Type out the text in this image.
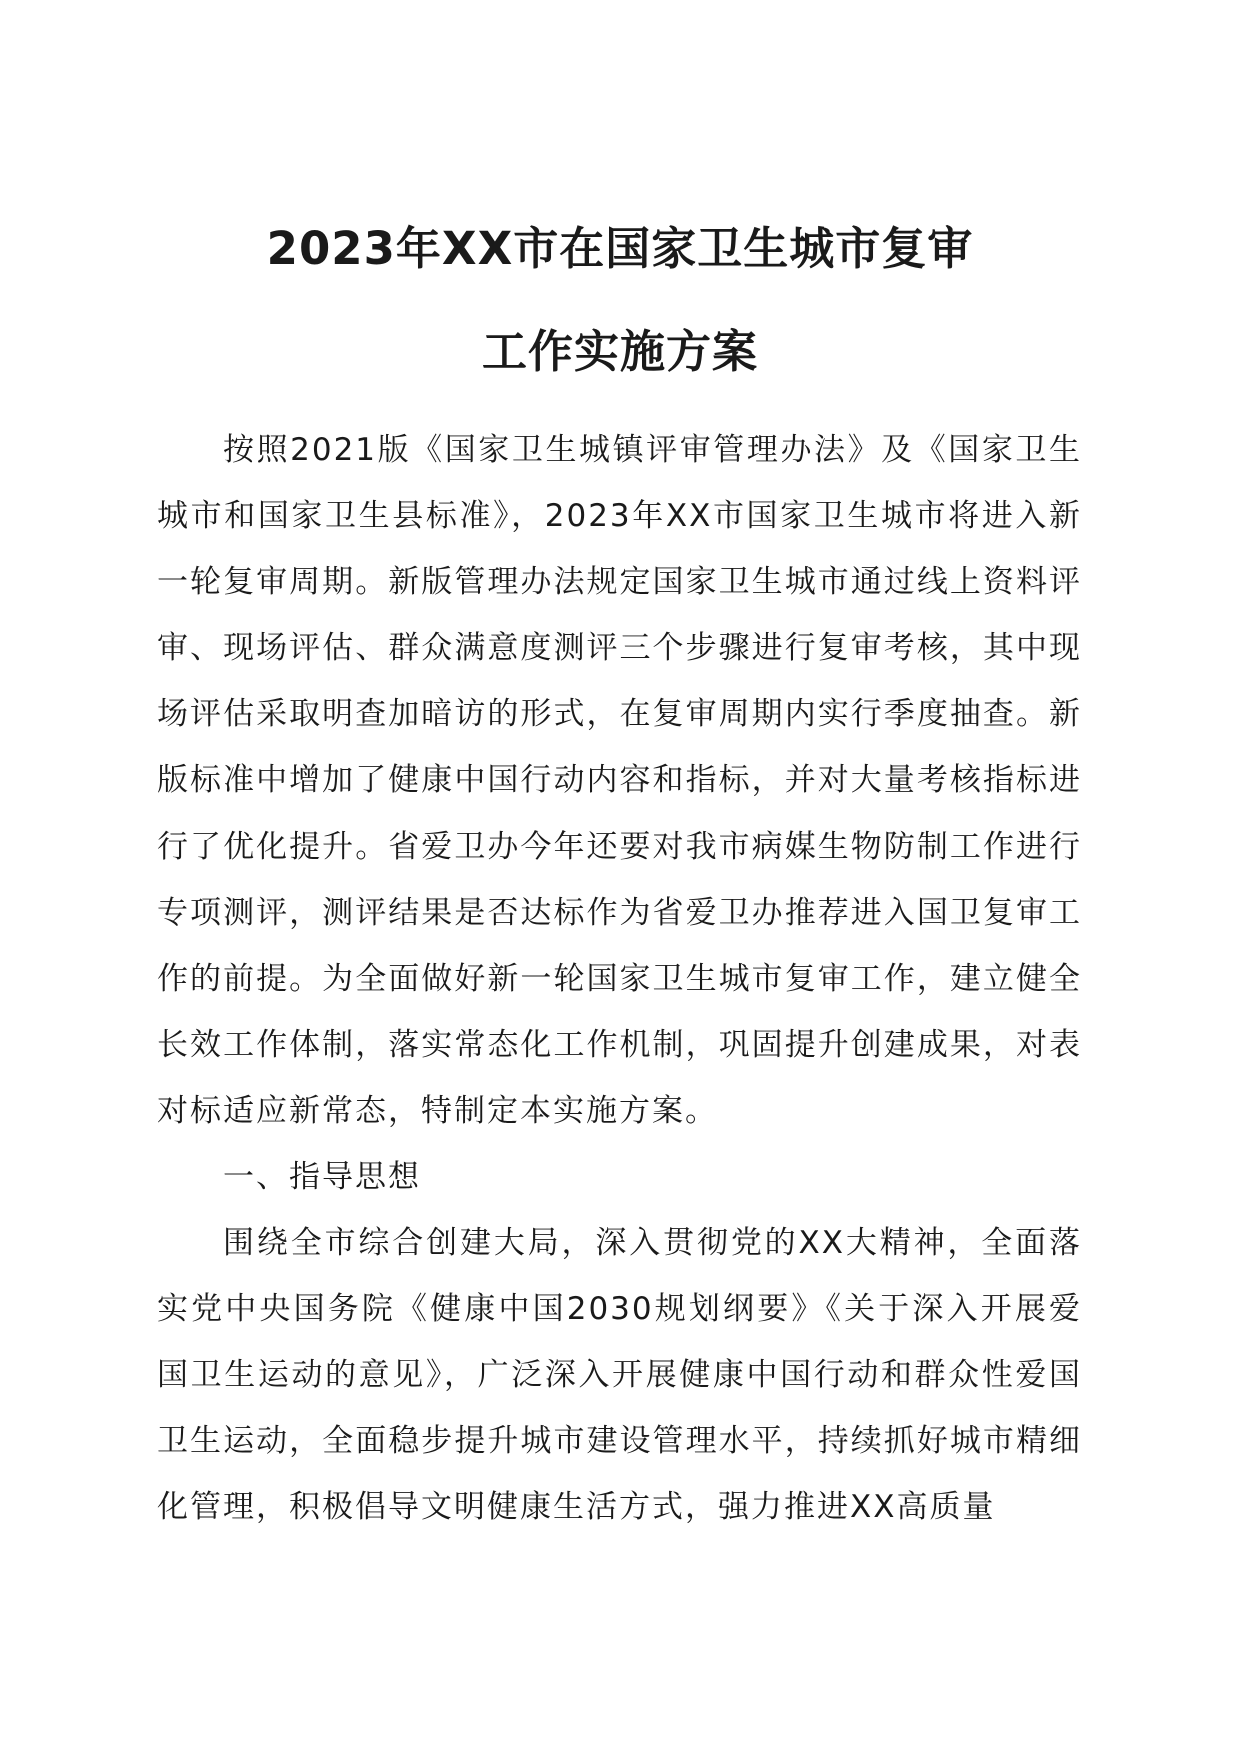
2023年XX市在国家卫生城市复审
工作实施方案

按照2021版《国家卫生城镇评审管理办法》及《国家卫生城市和国家卫生县标准》，2023年XX市国家卫生城市将进入新一轮复审周期。新版管理办法规定国家卫生城市通过线上资料评审、现场评估、群众满意度测评三个步骤进行复审考核，其中现场评估采取明查加暗访的形式，在复审周期内实行季度抽查。新版标准中增加了健康中国行动内容和指标，并对大量考核指标进行了优化提升。省爱卫办今年还要对我市病媒生物防制工作进行专项测评，测评结果是否达标作为省爱卫办推荐进入国卫复审工作的前提。为全面做好新一轮国家卫生城市复审工作，建立健全长效工作体制，落实常态化工作机制，巩固提升创建成果，对表对标适应新常态，特制定本实施方案。

一、指导思想

围绕全市综合创建大局，深入贯彻党的XX大精神，全面落实党中央国务院《健康中国2030规划纲要》《关于深入开展爱国卫生运动的意见》，广泛深入开展健康中国行动和群众性爱国卫生运动，全面稳步提升城市建设管理水平，持续抓好城市精细化管理，积极倡导文明健康生活方式，强力推进XX高质量
